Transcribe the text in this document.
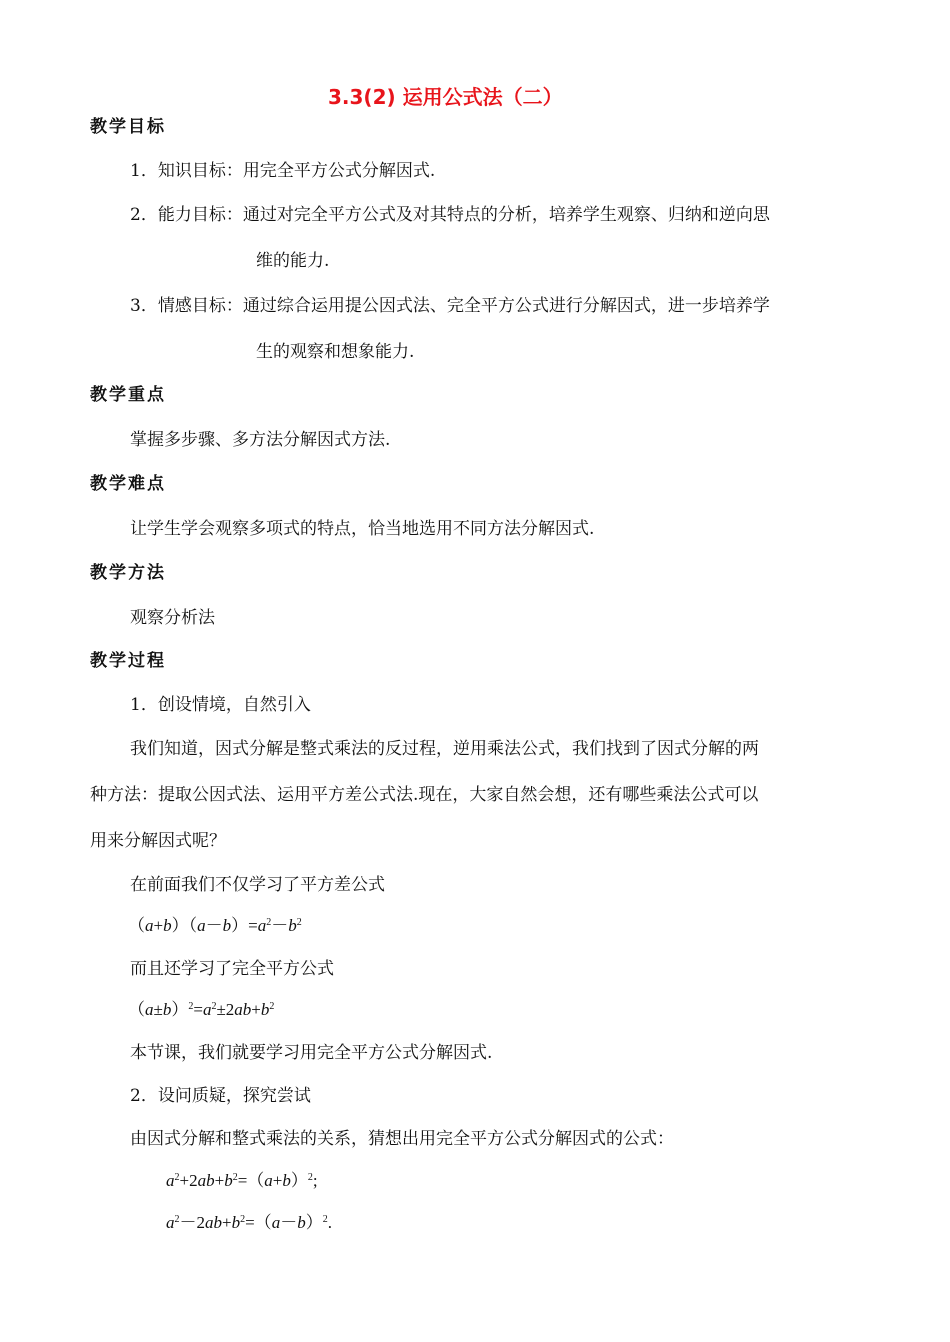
3.3(2) 运用公式法（二）
教学目标
1．知识目标：用完全平方公式分解因式.
2．能力目标：通过对完全平方公式及对其特点的分析，培养学生观察、归纳和逆向思
维的能力.
3．情感目标：通过综合运用提公因式法、完全平方公式进行分解因式，进一步培养学
生的观察和想象能力.
教学重点
掌握多步骤、多方法分解因式方法.
教学难点
让学生学会观察多项式的特点，恰当地选用不同方法分解因式.
教学方法
观察分析法
教学过程
1．创设情境，自然引入
我们知道，因式分解是整式乘法的反过程，逆用乘法公式，我们找到了因式分解的两
种方法：提取公因式法、运用平方差公式法.现在，大家自然会想，还有哪些乘法公式可以
用来分解因式呢？
在前面我们不仅学习了平方差公式
$(a+b)(a-b)=a^2-b^2$
而且还学习了完全平方公式
$(a\pm b)^2=a^2\pm 2ab+b^2$
本节课，我们就要学习用完全平方公式分解因式.
2．设问质疑，探究尝试
由因式分解和整式乘法的关系，猜想出用完全平方公式分解因式的公式：
$a^2+2ab+b^2=(a+b)^2$;
$a^2-2ab+b^2=(a-b)^2$.
